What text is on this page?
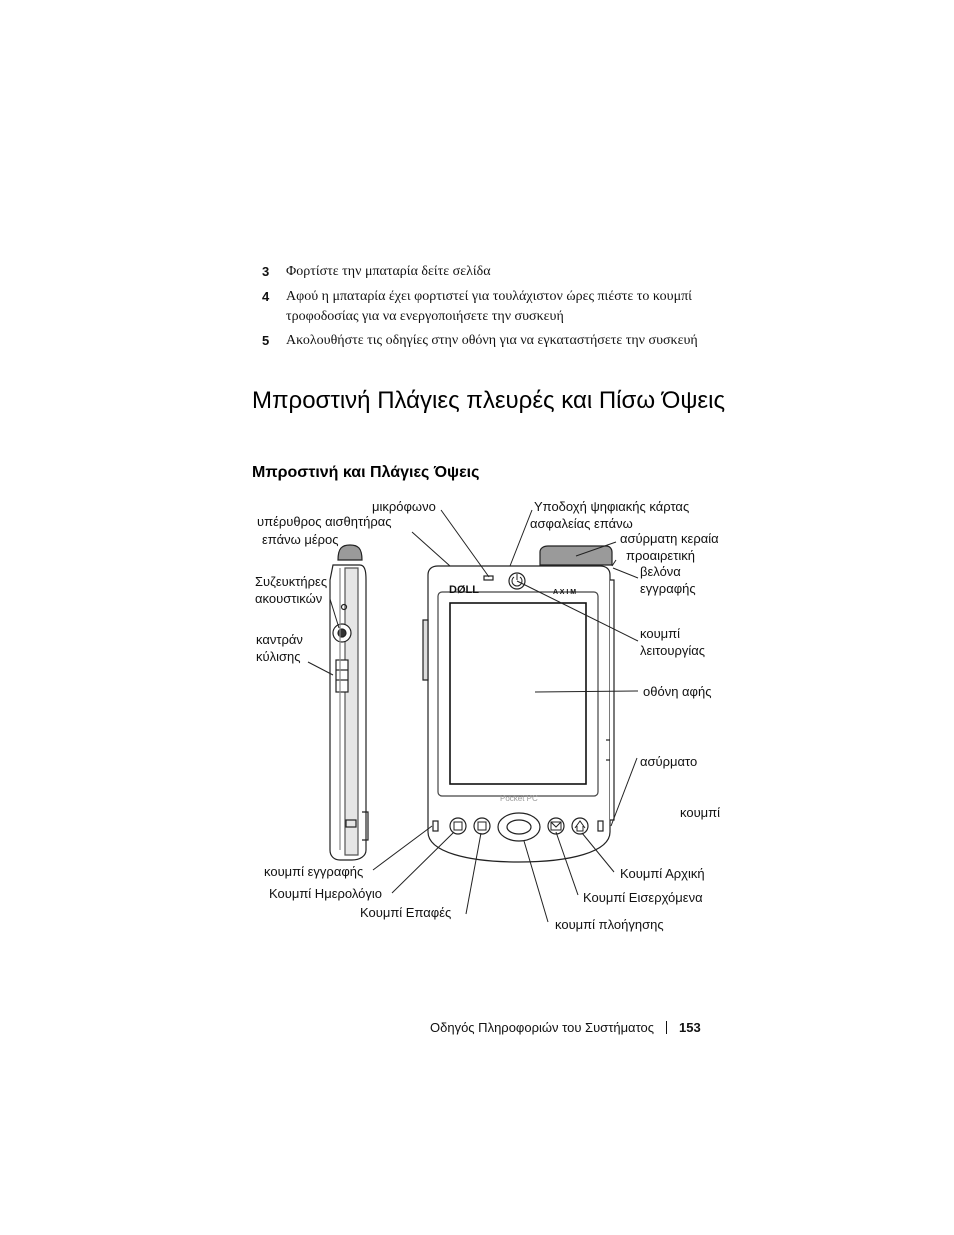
3 Φορτίστε την μπαταρία δείτε σελίδα
4 Αφού η μπαταρία έχει φορτιστεί για τουλάχιστον ώρες πιέστε το κουμπί τροφοδοσίας για να ενεργοποιήσετε την συσκευή
5 Ακολουθήστε τις οδηγίες στην οθόνη για να εγκαταστήσετε την συσκευή
Μπροστινή Πλάγιες πλευρές και Πίσω Όψεις
Μπροστινή και Πλάγιες Όψεις
DØLL	A X I M
Pocket PC
υπέρυθρος αισθητήρας
επάνω μέρος
μικρόφωνο	Υποδοχή ψηφιακής κάρτας
ασφαλείας επάνω
ασύρματη κεραία
προαιρετική
βελόνα
εγγραφής
Συζευκτήρες
ακουστικών
καντράν
κύλισης
κουμπί
λειτουργίας
οθόνη αφής
ασύρματο
κουμπί
κουμπί εγγραφής
Κουμπί Ημερολόγιο
Κουμπί Επαφές
κουμπί πλοήγησης
Κουμπί Εισερχόμενα
Κουμπί Αρχική
Οδηγός Πληροφοριών του Συστήματος 153
